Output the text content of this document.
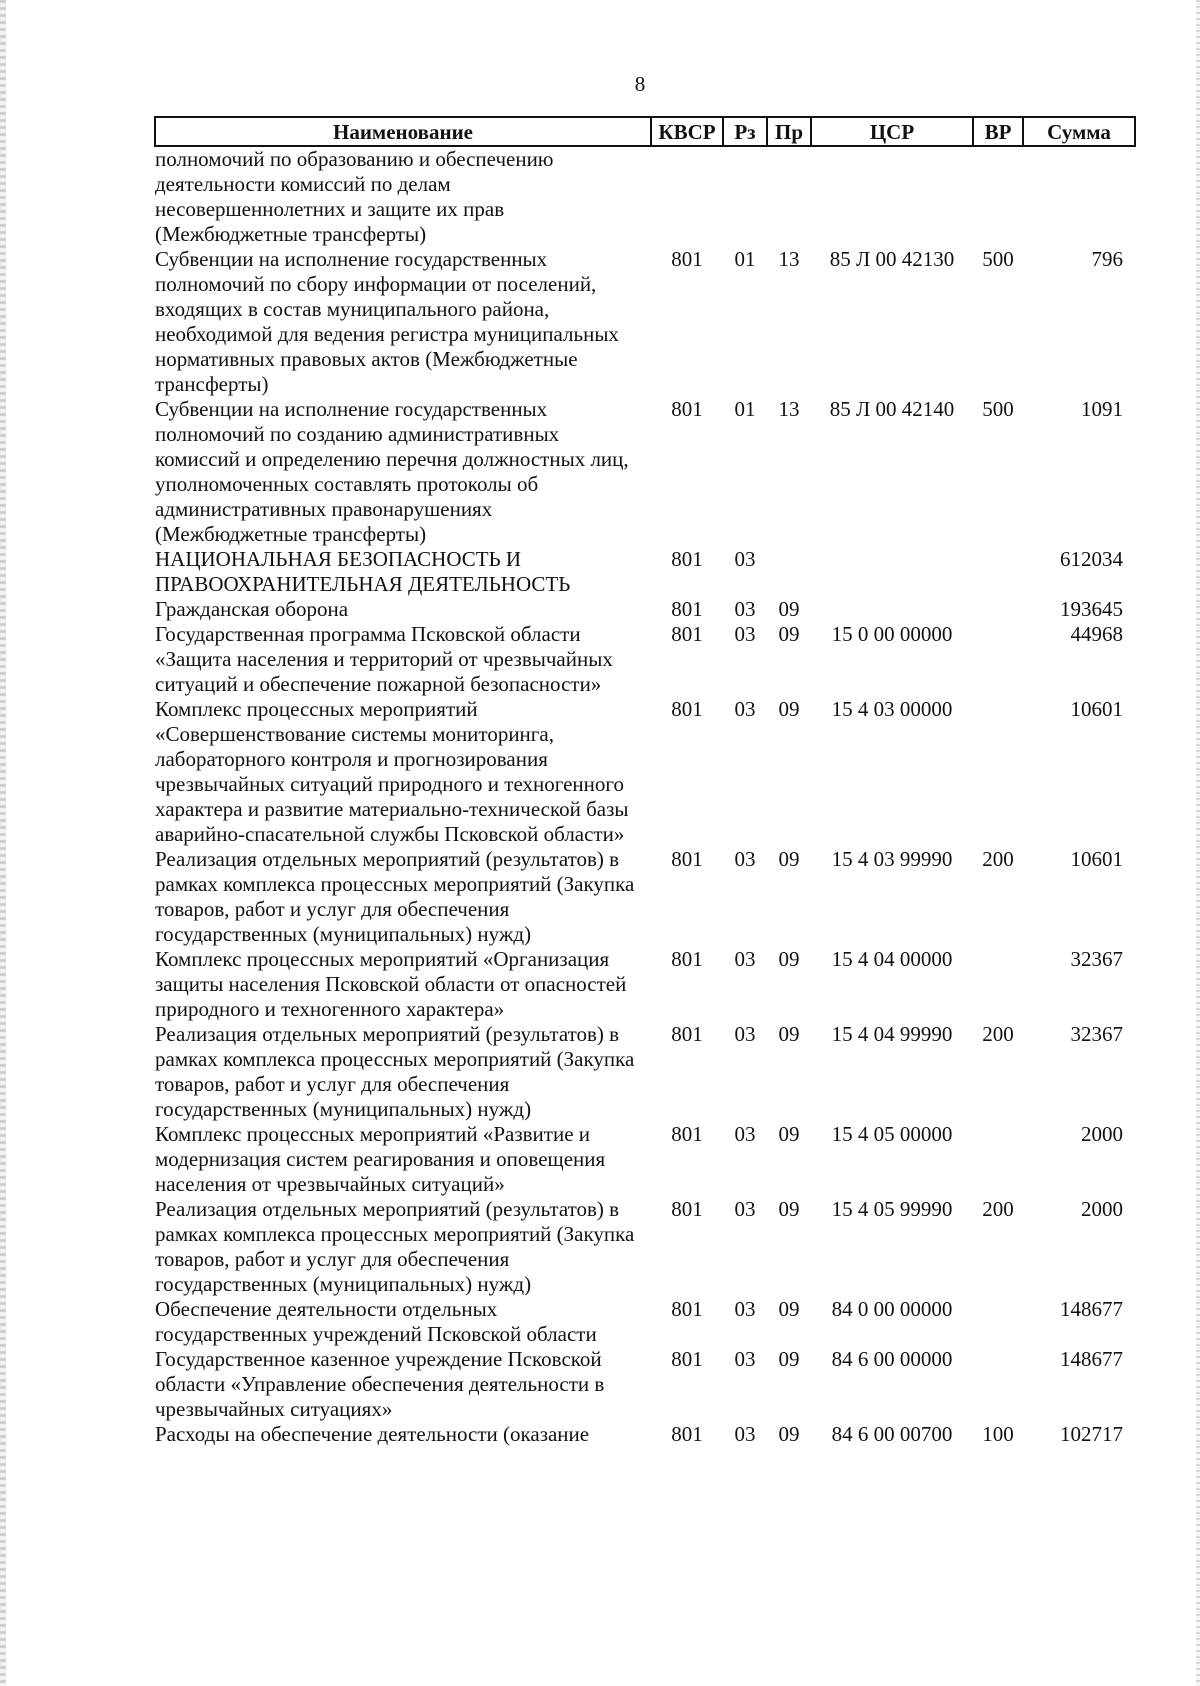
8
Наименование	КВСР	Рз	Пр	ЦСР	ВР	Сумма
полномочий по образованию и обеспечению деятельности комиссий по делам несовершеннолетних и защите их прав (Межбюджетные трансферты)						
Субвенции на исполнение государственных полномочий по сбору информации от поселений, входящих в состав муниципального района, необходимой для ведения регистра муниципальных нормативных правовых актов (Межбюджетные трансферты)	801	01	13	85 Л 00 42130	500	796
Субвенции на исполнение государственных полномочий по созданию административных комиссий и определению перечня должностных лиц, уполномоченных составлять протоколы об административных правонарушениях (Межбюджетные трансферты)	801	01	13	85 Л 00 42140	500	1091
НАЦИОНАЛЬНАЯ БЕЗОПАСНОСТЬ И ПРАВООХРАНИТЕЛЬНАЯ ДЕЯТЕЛЬНОСТЬ	801	03				612034
Гражданская оборона	801	03	09			193645
Государственная программа Псковской области «Защита населения и территорий от чрезвычайных ситуаций и обеспечение пожарной безопасности»	801	03	09	15 0 00 00000		44968
Комплекс процессных мероприятий «Совершенствование системы мониторинга, лабораторного контроля и прогнозирования чрезвычайных ситуаций природного и техногенного характера и развитие материально-технической базы аварийно-спасательной службы Псковской области»	801	03	09	15 4 03 00000		10601
Реализация отдельных мероприятий (результатов) в рамках комплекса процессных мероприятий (Закупка товаров, работ и услуг для обеспечения государственных (муниципальных) нужд)	801	03	09	15 4 03 99990	200	10601
Комплекс процессных мероприятий «Организация защиты населения Псковской области от опасностей природного и техногенного характера»	801	03	09	15 4 04 00000		32367
Реализация отдельных мероприятий (результатов) в рамках комплекса процессных мероприятий (Закупка товаров, работ и услуг для обеспечения государственных (муниципальных) нужд)	801	03	09	15 4 04 99990	200	32367
Комплекс процессных мероприятий «Развитие и модернизация систем реагирования и оповещения населения от чрезвычайных ситуаций»	801	03	09	15 4 05 00000		2000
Реализация отдельных мероприятий (результатов) в рамках комплекса процессных мероприятий (Закупка товаров, работ и услуг для обеспечения государственных (муниципальных) нужд)	801	03	09	15 4 05 99990	200	2000
Обеспечение деятельности отдельных государственных учреждений Псковской области	801	03	09	84 0 00 00000		148677
Государственное казенное учреждение Псковской области «Управление обеспечения деятельности в чрезвычайных ситуациях»	801	03	09	84 6 00 00000		148677
Расходы на обеспечение деятельности (оказание	801	03	09	84 6 00 00700	100	102717
